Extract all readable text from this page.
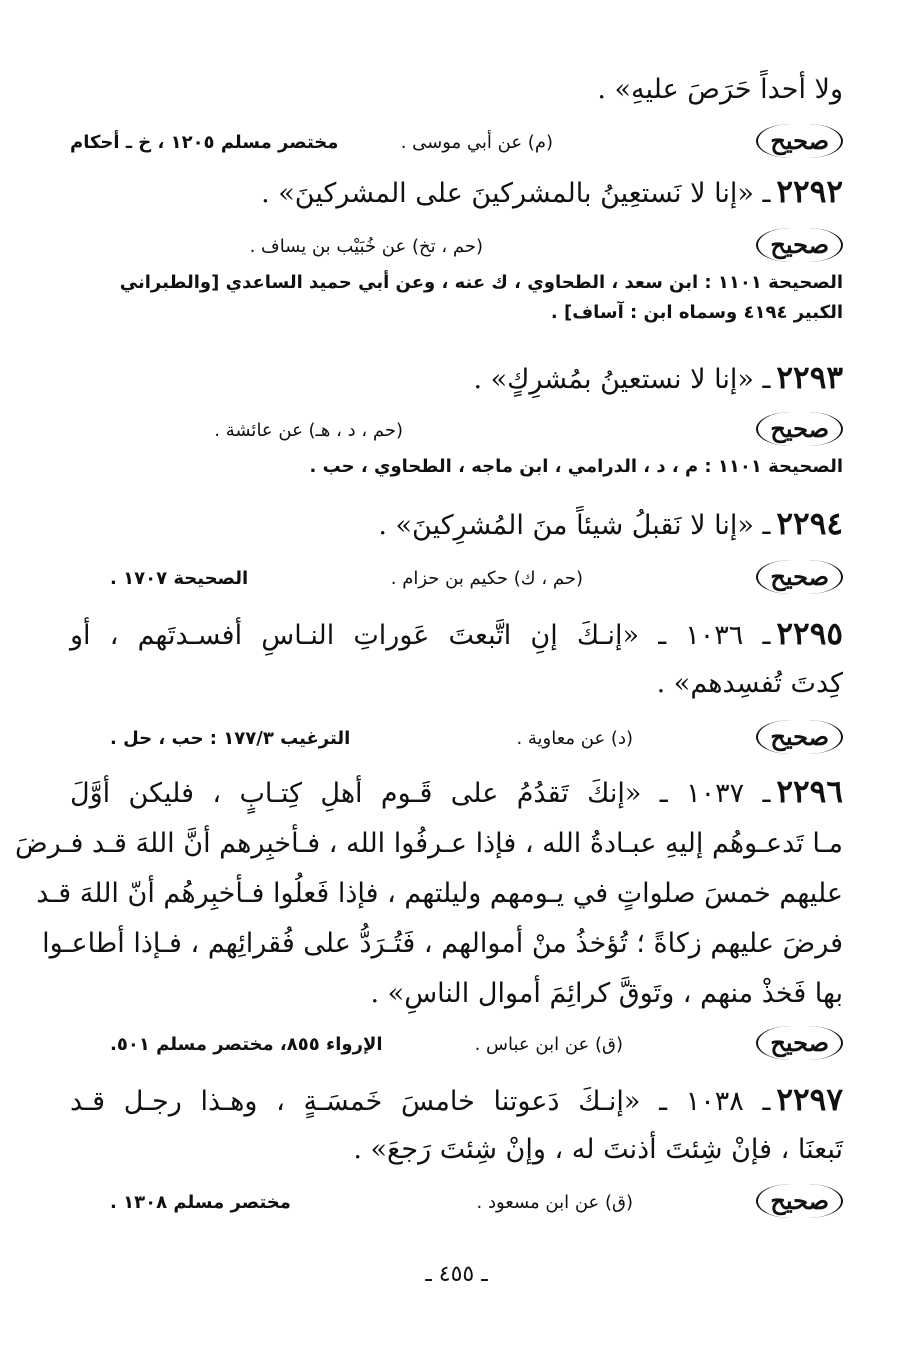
ولا أحداً حَرَصَ عليهِ» .
صحيح
(م) عن أبي موسى .
مختصر مسلم ١٢٠٥ ، خ ـ أحكام
٢٢٩٢ـ «إنا لا نَستعِينُ بالمشركينَ على المشركينَ» .
صحيح
(حم ، تخ) عن خُبَيْب بن يساف .
الصحيحة ١١٠١ : ابن سعد ، الطحاوي ، ك عنه ، وعن أبي حميد الساعدي [والطبراني
الكبير ٤١٩٤ وسماه ابن : آساف] .
٢٢٩٣ـ «إنا لا نستعينُ بمُشرِكٍ» .
صحيح
(حم ، د ، هـ) عن عائشة .
الصحيحة ١١٠١ : م ، د ، الدرامي ، ابن ماجه ، الطحاوي ، حب .
٢٢٩٤ـ «إنا لا نَقبلُ شيئاً منَ المُشرِكينَ» .
صحيح
(حم ، ك) حكيم بن حزام .
الصحيحة ١٧٠٧ .
٢٢٩٥ـ ١٠٣٦ ـ «إنـكَ إنِ اتَّبعتَ عَوراتِ النـاسِ أفسـدتَهم ، أو
كِدتَ تُفسِدهم» .
صحيح
(د) عن معاوية .
الترغيب ١٧٧/٣ : حب ، حل .
٢٢٩٦ـ ١٠٣٧ ـ «إنكَ تَقدُمُ على قَـوم أهلِ كِتـابٍ ، فليكن أوَّلَ
مـا تَدعـوهُم إليهِ عبـادةُ الله ، فإذا عـرفُوا الله ، فـأخبِرهم أنَّ اللهَ قـد فـرضَ
عليهم خمسَ صلواتٍ في يـومهم وليلتهم ، فإذا فَعلُوا فـأخبِرهُم أنّ اللهَ قـد
فرضَ عليهم زكاةً ؛ تُؤخذُ منْ أموالهم ، فَتُـرَدُّ على فُقرائِهم ، فـإذا أطاعـوا
بها فَخذْ منهم ، وتَوقَّ كرائِمَ أموال الناسِ» .
صحيح
(ق) عن ابن عباس .
الإرواء ٨٥٥، مختصر مسلم ٥٠١.
٢٢٩٧ـ ١٠٣٨ ـ «إنـكَ دَعوتنا خامسَ خَمسَـةٍ ، وهـذا رجـل قـد
تَبعنَا ، فإنْ شِئتَ أذنتَ له ، وإنْ شِئتَ رَجعَ» .
صحيح
(ق) عن ابن مسعود .
مختصر مسلم ١٣٠٨ .
ـ ٤٥٥ ـ
